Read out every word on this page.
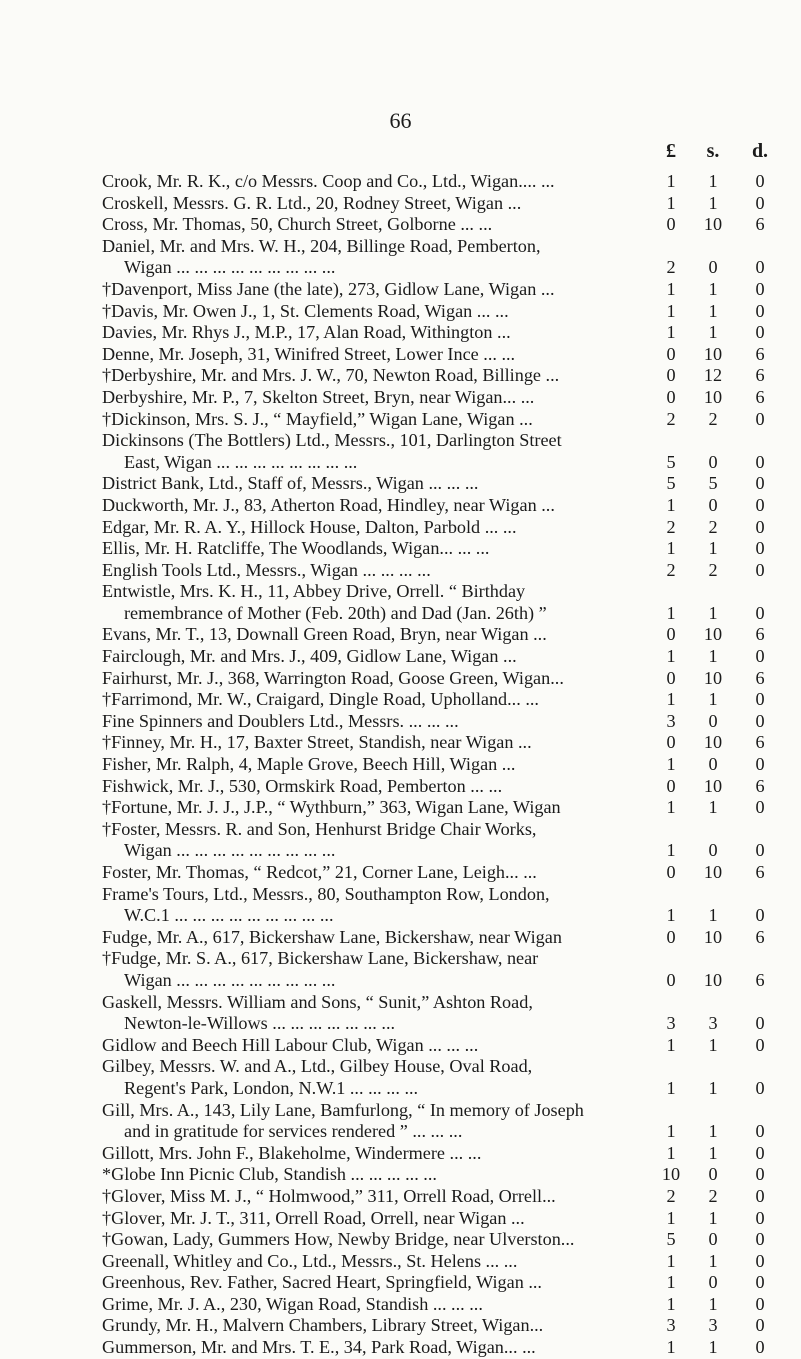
66
£	s.	d.
Crook, Mr. R. K., c/o Messrs. Coop and Co., Ltd., Wigan.... ...	1	1	0
Croskell, Messrs. G. R. Ltd., 20, Rodney Street, Wigan ...	1	1	0
Cross, Mr. Thomas, 50, Church Street, Golborne ... ...	0	10	6
Daniel, Mr. and Mrs. W. H., 204, Billinge Road, Pemberton,
Wigan ... ... ... ... ... ... ... ... ...	2	0	0
†Davenport, Miss Jane (the late), 273, Gidlow Lane, Wigan ...	1	1	0
†Davis, Mr. Owen J., 1, St. Clements Road, Wigan ... ...	1	1	0
Davies, Mr. Rhys J., M.P., 17, Alan Road, Withington ...	1	1	0
Denne, Mr. Joseph, 31, Winifred Street, Lower Ince ... ...	0	10	6
†Derbyshire, Mr. and Mrs. J. W., 70, Newton Road, Billinge ...	0	12	6
Derbyshire, Mr. P., 7, Skelton Street, Bryn, near Wigan... ...	0	10	6
†Dickinson, Mrs. S. J., “ Mayfield,” Wigan Lane, Wigan ...	2	2	0
Dickinsons (The Bottlers) Ltd., Messrs., 101, Darlington Street
East, Wigan ... ... ... ... ... ... ... ...	5	0	0
District Bank, Ltd., Staff of, Messrs., Wigan ... ... ...	5	5	0
Duckworth, Mr. J., 83, Atherton Road, Hindley, near Wigan ...	1	0	0
Edgar, Mr. R. A. Y., Hillock House, Dalton, Parbold ... ...	2	2	0
Ellis, Mr. H. Ratcliffe, The Woodlands, Wigan... ... ...	1	1	0
English Tools Ltd., Messrs., Wigan ... ... ... ...	2	2	0
Entwistle, Mrs. K. H., 11, Abbey Drive, Orrell. “ Birthday
remembrance of Mother (Feb. 20th) and Dad (Jan. 26th) ”	1	1	0
Evans, Mr. T., 13, Downall Green Road, Bryn, near Wigan ...	0	10	6
Fairclough, Mr. and Mrs. J., 409, Gidlow Lane, Wigan ...	1	1	0
Fairhurst, Mr. J., 368, Warrington Road, Goose Green, Wigan...	0	10	6
†Farrimond, Mr. W., Craigard, Dingle Road, Upholland... ...	1	1	0
Fine Spinners and Doublers Ltd., Messrs. ... ... ...	3	0	0
†Finney, Mr. H., 17, Baxter Street, Standish, near Wigan ...	0	10	6
Fisher, Mr. Ralph, 4, Maple Grove, Beech Hill, Wigan ...	1	0	0
Fishwick, Mr. J., 530, Ormskirk Road, Pemberton ... ...	0	10	6
†Fortune, Mr. J. J., J.P., “ Wythburn,” 363, Wigan Lane, Wigan	1	1	0
†Foster, Messrs. R. and Son, Henhurst Bridge Chair Works,
Wigan ... ... ... ... ... ... ... ... ...	1	0	0
Foster, Mr. Thomas, “ Redcot,” 21, Corner Lane, Leigh... ...	0	10	6
Frame's Tours, Ltd., Messrs., 80, Southampton Row, London,
W.C.1 ... ... ... ... ... ... ... ... ...	1	1	0
Fudge, Mr. A., 617, Bickershaw Lane, Bickershaw, near Wigan	0	10	6
†Fudge, Mr. S. A., 617, Bickershaw Lane, Bickershaw, near
Wigan ... ... ... ... ... ... ... ... ...	0	10	6
Gaskell, Messrs. William and Sons, “ Sunit,” Ashton Road,
Newton-le-Willows ... ... ... ... ... ... ...	3	3	0
Gidlow and Beech Hill Labour Club, Wigan ... ... ...	1	1	0
Gilbey, Messrs. W. and A., Ltd., Gilbey House, Oval Road,
Regent's Park, London, N.W.1 ... ... ... ...	1	1	0
Gill, Mrs. A., 143, Lily Lane, Bamfurlong, “ In memory of Joseph
and in gratitude for services rendered ” ... ... ...	1	1	0
Gillott, Mrs. John F., Blakeholme, Windermere ... ...	1	1	0
*Globe Inn Picnic Club, Standish ... ... ... ... ...	10	0	0
†Glover, Miss M. J., “ Holmwood,” 311, Orrell Road, Orrell...	2	2	0
†Glover, Mr. J. T., 311, Orrell Road, Orrell, near Wigan ...	1	1	0
†Gowan, Lady, Gummers How, Newby Bridge, near Ulverston...	5	0	0
Greenall, Whitley and Co., Ltd., Messrs., St. Helens ... ...	1	1	0
Greenhous, Rev. Father, Sacred Heart, Springfield, Wigan ...	1	0	0
Grime, Mr. J. A., 230, Wigan Road, Standish ... ... ...	1	1	0
Grundy, Mr. H., Malvern Chambers, Library Street, Wigan...	3	3	0
Gummerson, Mr. and Mrs. T. E., 34, Park Road, Wigan... ...	1	1	0
